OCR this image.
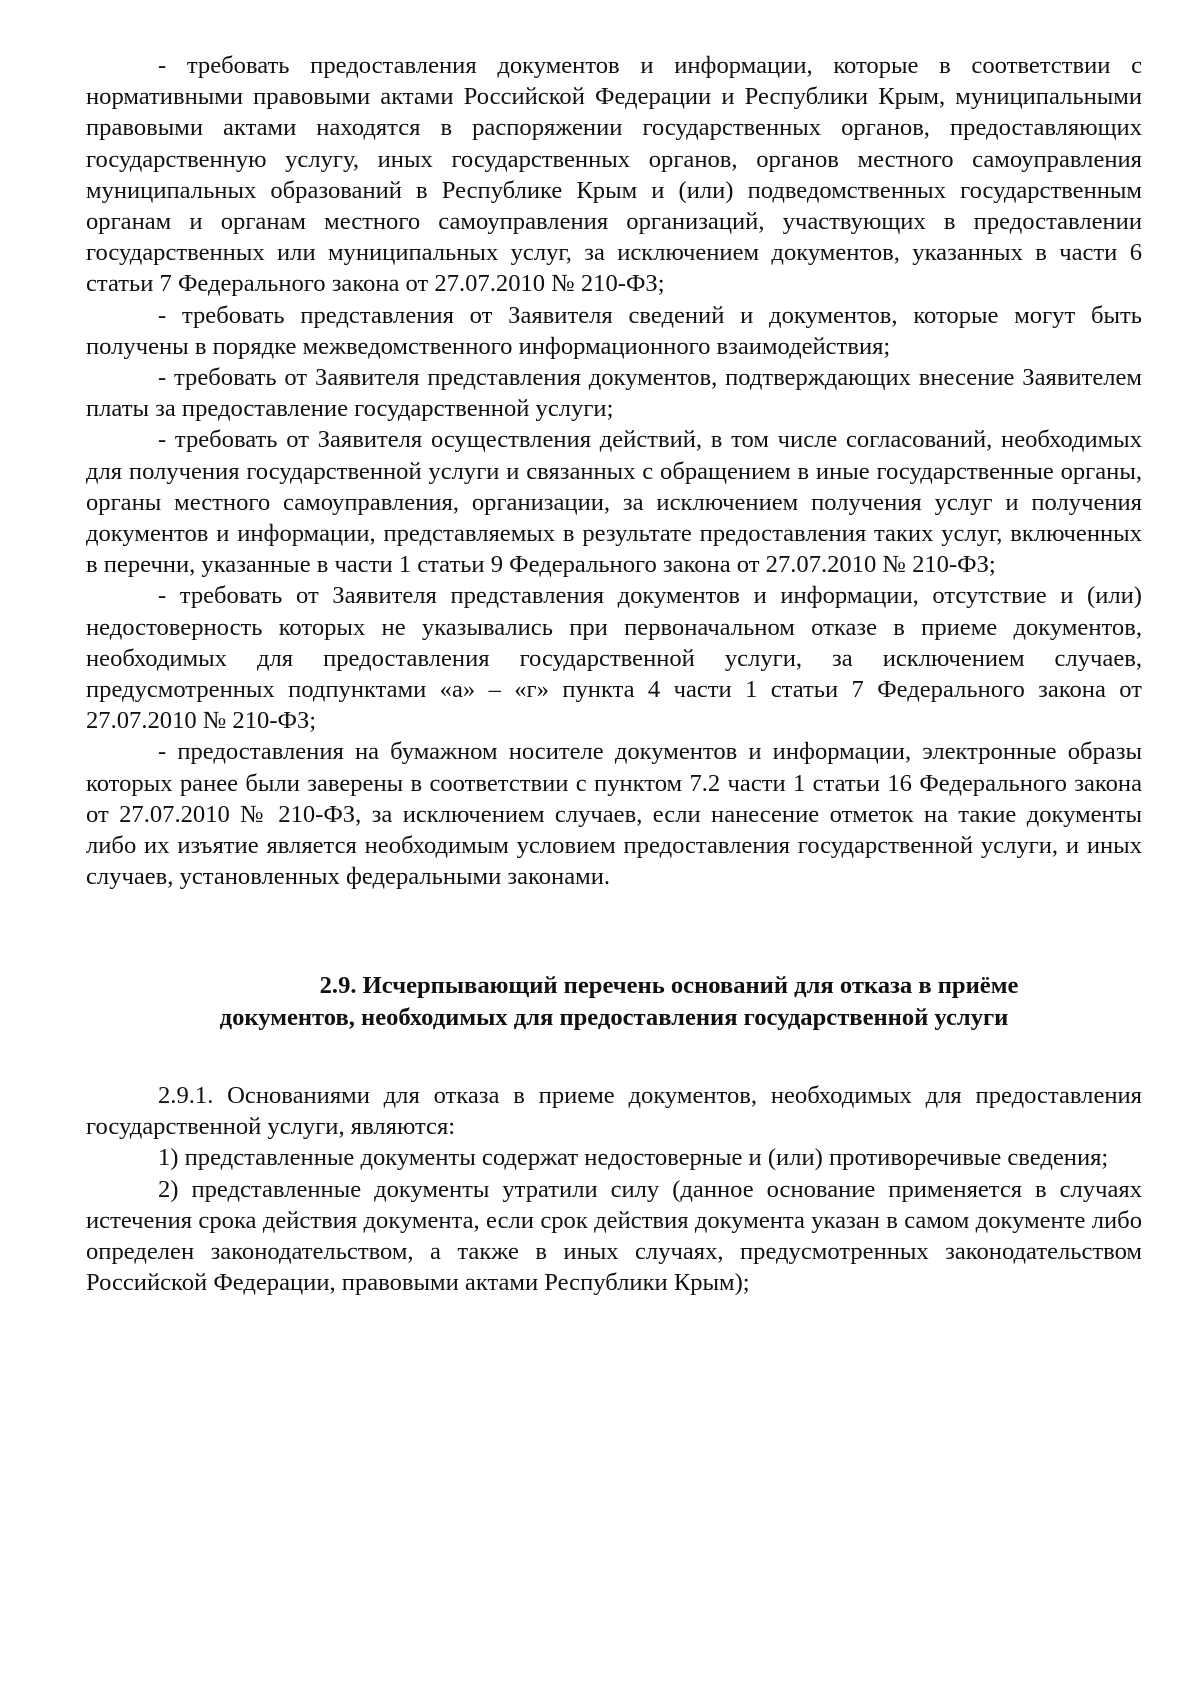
- требовать предоставления документов и информации, которые в соответствии с нормативными правовыми актами Российской Федерации и Республики Крым, муниципальными правовыми актами находятся в распоряжении государственных органов, предоставляющих государственную услугу, иных государственных органов, органов местного самоуправления муниципальных образований в Республике Крым и (или) подведомственных государственным органам и органам местного самоуправления организаций, участвующих в предоставлении государственных или муниципальных услуг, за исключением документов, указанных в части 6 статьи 7 Федерального закона от 27.07.2010 № 210-ФЗ;

- требовать представления от Заявителя сведений и документов, которые могут быть получены в порядке межведомственного информационного взаимодействия;

- требовать от Заявителя представления документов, подтверждающих внесение Заявителем платы за предоставление государственной услуги;

- требовать от Заявителя осуществления действий, в том числе согласований, необходимых для получения государственной услуги и связанных с обращением в иные государственные органы, органы местного самоуправления, организации, за исключением получения услуг и получения документов и информации, представляемых в результате предоставления таких услуг, включенных в перечни, указанные в части 1 статьи 9 Федерального закона от 27.07.2010 № 210-ФЗ;

- требовать от Заявителя представления документов и информации, отсутствие и (или) недостоверность которых не указывались при первоначальном отказе в приеме документов, необходимых для предоставления государственной услуги, за исключением случаев, предусмотренных подпунктами «а» – «г» пункта 4 части 1 статьи 7 Федерального закона от 27.07.2010 № 210-ФЗ;

- предоставления на бумажном носителе документов и информации, электронные образы которых ранее были заверены в соответствии с пунктом 7.2 части 1 статьи 16 Федерального закона от 27.07.2010 № 210-ФЗ, за исключением случаев, если нанесение отметок на такие документы либо их изъятие является необходимым условием предоставления государственной услуги, и иных случаев, установленных федеральными законами.

2.9. Исчерпывающий перечень оснований для отказа в приёме
документов, необходимых для предоставления государственной услуги

2.9.1. Основаниями для отказа в приеме документов, необходимых для предоставления государственной услуги, являются:

1) представленные документы содержат недостоверные и (или) противоречивые сведения;

2) представленные документы утратили силу (данное основание применяется в случаях истечения срока действия документа, если срок действия документа указан в самом документе либо определен законодательством, а также в иных случаях, предусмотренных законодательством Российской Федерации, правовыми актами Республики Крым);
